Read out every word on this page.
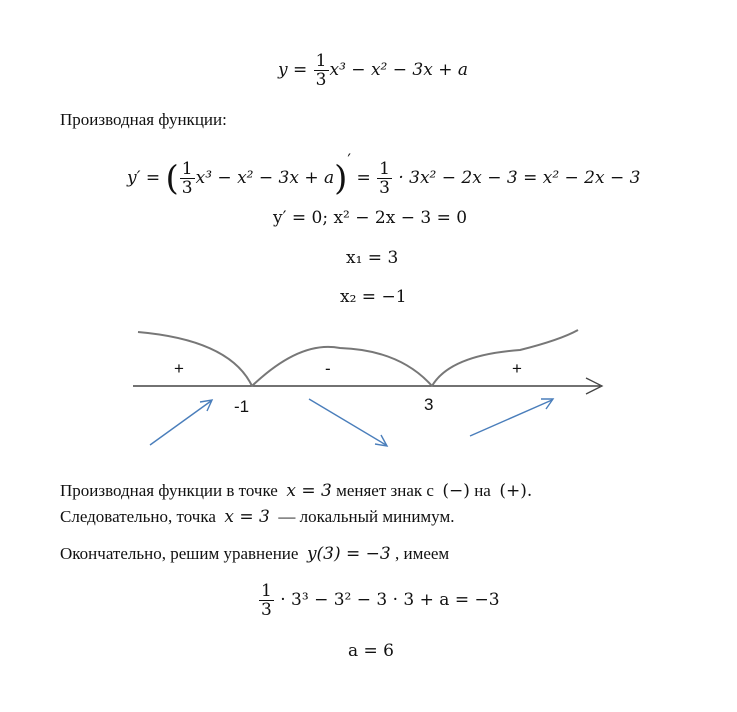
$y = \frac{1}{3} x^3 - x^2 - 3x + a$
Производная функции:
y′ = ( $\frac{1}{3} x^3 - x^2 - 3x + a)' = \frac{1}{3} \cdot 3x^2 - 2x - 3 = x^2 - 2x - 3$
y′ = 0; x² − 2x − 3 = 0
x₁ = 3
x₂ = −1
+	-	+
-1	3
Производная функции в точке x = 3 меняет знак с (−) на (+).
Следовательно, точка x = 3 — локальный минимум.
Окончательно, решим уравнение y(3) = −3 , имеем
$\frac{1}{3} \cdot 3^3 - 3^2 - 3 \cdot 3 + a = -3$
a = 6
